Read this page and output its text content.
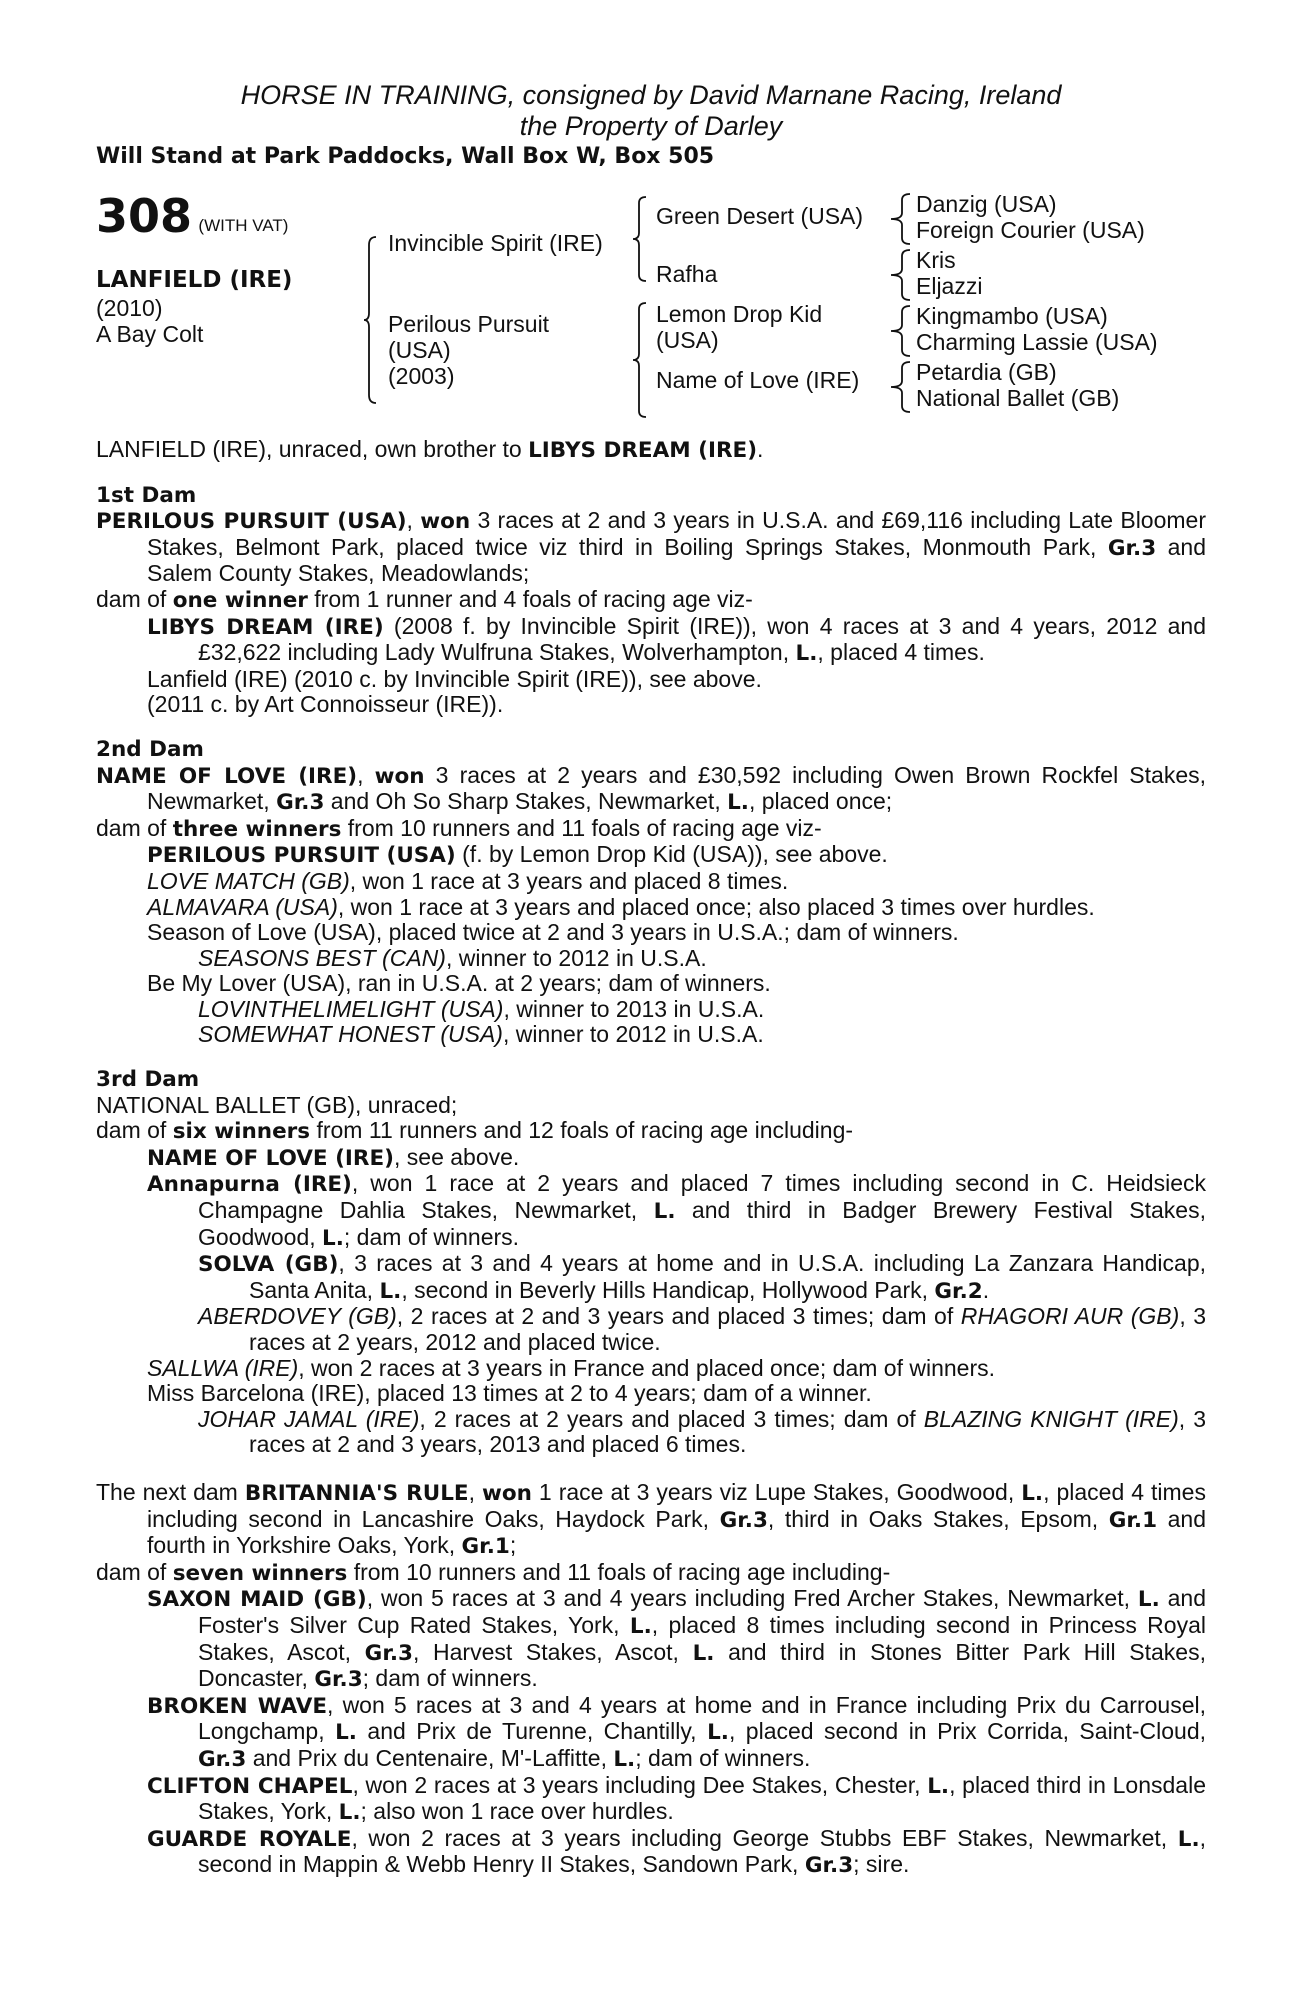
HORSE IN TRAINING, consigned by David Marnane Racing, Ireland
the Property of Darley
Will Stand at Park Paddocks, Wall Box W, Box 505
308 (WITH VAT)
LANFIELD (IRE)
(2010)
A Bay Colt
Invincible Spirit (IRE)
Perilous Pursuit
(USA)
(2003)
Green Desert (USA)
Rafha
Lemon Drop Kid
(USA)
Name of Love (IRE)
Danzig (USA)
Foreign Courier (USA)
Kris
Eljazzi
Kingmambo (USA)
Charming Lassie (USA)
Petardia (GB)
National Ballet (GB)

LANFIELD (IRE), unraced, own brother to LIBYS DREAM (IRE).

1st Dam

PERILOUS PURSUIT (USA), won 3 races at 2 and 3 years in U.S.A. and £69,116 including Late Bloomer Stakes, Belmont Park, placed twice viz third in Boiling Springs Stakes, Monmouth Park, Gr.3 and Salem County Stakes, Meadowlands;

dam of one winner from 1 runner and 4 foals of racing age viz-

LIBYS DREAM (IRE) (2008 f. by Invincible Spirit (IRE)), won 4 races at 3 and 4 years, 2012 and £32,622 including Lady Wulfruna Stakes, Wolverhampton, L., placed 4 times.

Lanfield (IRE) (2010 c. by Invincible Spirit (IRE)), see above.

(2011 c. by Art Connoisseur (IRE)).

2nd Dam

NAME OF LOVE (IRE), won 3 races at 2 years and £30,592 including Owen Brown Rockfel Stakes, Newmarket, Gr.3 and Oh So Sharp Stakes, Newmarket, L., placed once;

dam of three winners from 10 runners and 11 foals of racing age viz-

PERILOUS PURSUIT (USA) (f. by Lemon Drop Kid (USA)), see above.

LOVE MATCH (GB), won 1 race at 3 years and placed 8 times.

ALMAVARA (USA), won 1 race at 3 years and placed once; also placed 3 times over hurdles.

Season of Love (USA), placed twice at 2 and 3 years in U.S.A.; dam of winners.

SEASONS BEST (CAN), winner to 2012 in U.S.A.

Be My Lover (USA), ran in U.S.A. at 2 years; dam of winners.

LOVINTHELIMELIGHT (USA), winner to 2013 in U.S.A.

SOMEWHAT HONEST (USA), winner to 2012 in U.S.A.

3rd Dam

NATIONAL BALLET (GB), unraced;

dam of six winners from 11 runners and 12 foals of racing age including-

NAME OF LOVE (IRE), see above.

Annapurna (IRE), won 1 race at 2 years and placed 7 times including second in C. Heidsieck Champagne Dahlia Stakes, Newmarket, L. and third in Badger Brewery Festival Stakes, Goodwood, L.; dam of winners.

SOLVA (GB), 3 races at 3 and 4 years at home and in U.S.A. including La Zanzara Handicap, Santa Anita, L., second in Beverly Hills Handicap, Hollywood Park, Gr.2.

ABERDOVEY (GB), 2 races at 2 and 3 years and placed 3 times; dam of RHAGORI AUR (GB), 3 races at 2 years, 2012 and placed twice.

SALLWA (IRE), won 2 races at 3 years in France and placed once; dam of winners.

Miss Barcelona (IRE), placed 13 times at 2 to 4 years; dam of a winner.

JOHAR JAMAL (IRE), 2 races at 2 years and placed 3 times; dam of BLAZING KNIGHT (IRE), 3 races at 2 and 3 years, 2013 and placed 6 times.

The next dam BRITANNIA'S RULE, won 1 race at 3 years viz Lupe Stakes, Goodwood, L., placed 4 times including second in Lancashire Oaks, Haydock Park, Gr.3, third in Oaks Stakes, Epsom, Gr.1 and fourth in Yorkshire Oaks, York, Gr.1;

dam of seven winners from 10 runners and 11 foals of racing age including-

SAXON MAID (GB), won 5 races at 3 and 4 years including Fred Archer Stakes, Newmarket, L. and Foster's Silver Cup Rated Stakes, York, L., placed 8 times including second in Princess Royal Stakes, Ascot, Gr.3, Harvest Stakes, Ascot, L. and third in Stones Bitter Park Hill Stakes, Doncaster, Gr.3; dam of winners.

BROKEN WAVE, won 5 races at 3 and 4 years at home and in France including Prix du Carrousel, Longchamp, L. and Prix de Turenne, Chantilly, L., placed second in Prix Corrida, Saint-Cloud, Gr.3 and Prix du Centenaire, M'-Laffitte, L.; dam of winners.

CLIFTON CHAPEL, won 2 races at 3 years including Dee Stakes, Chester, L., placed third in Lonsdale Stakes, York, L.; also won 1 race over hurdles.

GUARDE ROYALE, won 2 races at 3 years including George Stubbs EBF Stakes, Newmarket, L., second in Mappin & Webb Henry II Stakes, Sandown Park, Gr.3; sire.
